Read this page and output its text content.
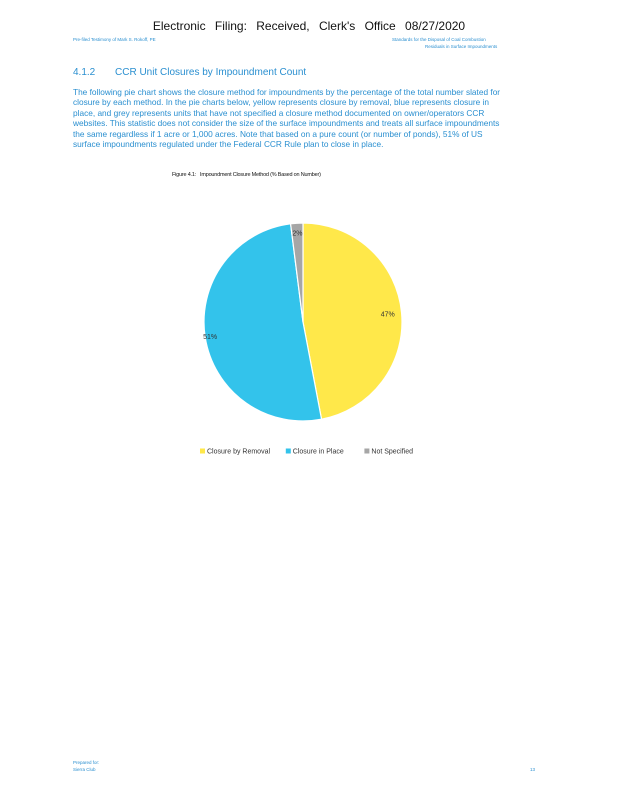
Electronic Filing: Received, Clerk's Office 08/27/2020
Pre-filed Testimony of Mark S. Rokoff, PE	Standards for the Disposal of Coal Combustion
Residuals in Surface Impoundments
4.1.2 CCR Unit Closures by Impoundment Count
The following pie chart shows the closure method for impoundments by the percentage of the total number slated for
closure by each method. In the pie charts below, yellow represents closure by removal, blue represents closure in
place, and grey represents units that have not specified a closure method documented on owner/operators CCR
websites. This statistic does not consider the size of the surface impoundments and treats all surface impoundments
the same regardless if 1 acre or 1,000 acres. Note that based on a pure count (or number of ponds), 51% of US
surface impoundments regulated under the Federal CCR Rule plan to close in place.
Figure 4.1: Impoundment Closure Method (% Based on Number)
47%
51%
2%
Closure by Removal	Closure in Place	Not Specified
Prepared for:
Sierra Club	13
